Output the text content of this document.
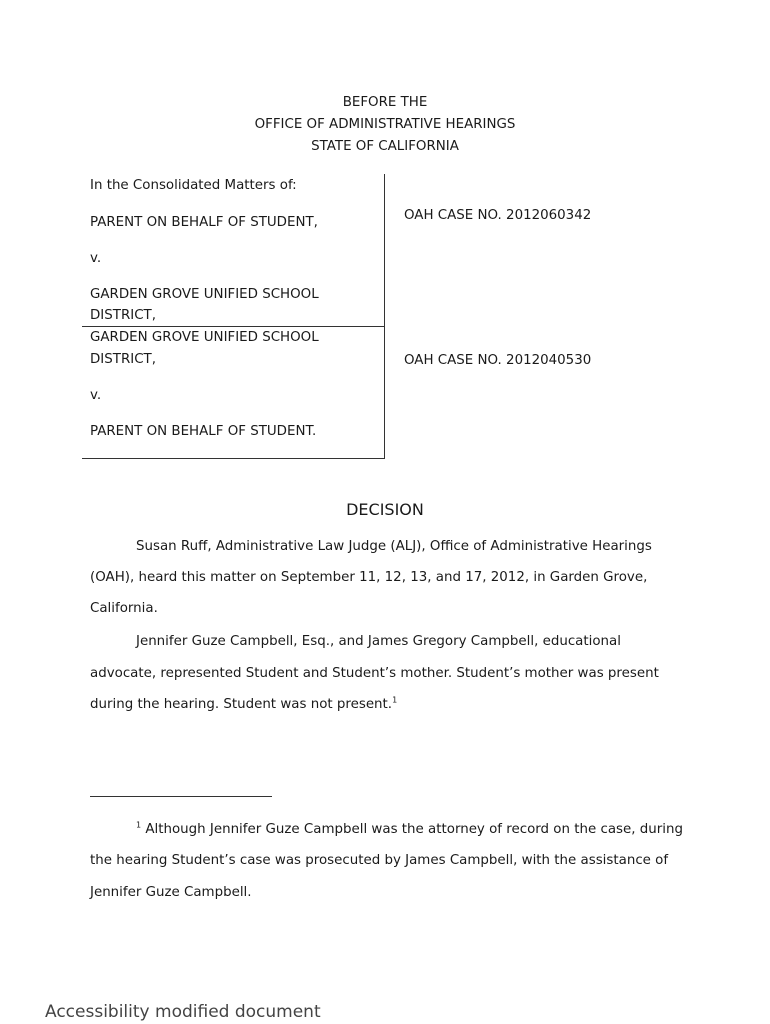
BEFORE THE
OFFICE OF ADMINISTRATIVE HEARINGS
STATE OF CALIFORNIA
In the Consolidated Matters of:
PARENT ON BEHALF OF STUDENT,
v.
GARDEN GROVE UNIFIED SCHOOL
DISTRICT,
OAH CASE NO. 2012060342
GARDEN GROVE UNIFIED SCHOOL
DISTRICT,
v.
PARENT ON BEHALF OF STUDENT.
OAH CASE NO. 2012040530
DECISION
Susan Ruff, Administrative Law Judge (ALJ), Office of Administrative Hearings
(OAH), heard this matter on September 11, 12, 13, and 17, 2012, in Garden Grove,
California.
Jennifer Guze Campbell, Esq., and James Gregory Campbell, educational
advocate, represented Student and Student’s mother. Student’s mother was present
during the hearing. Student was not present.$^1$
$^1$ Although Jennifer Guze Campbell was the attorney of record on the case, during
the hearing Student’s case was prosecuted by James Campbell, with the assistance of
Jennifer Guze Campbell.
Accessibility modified document
